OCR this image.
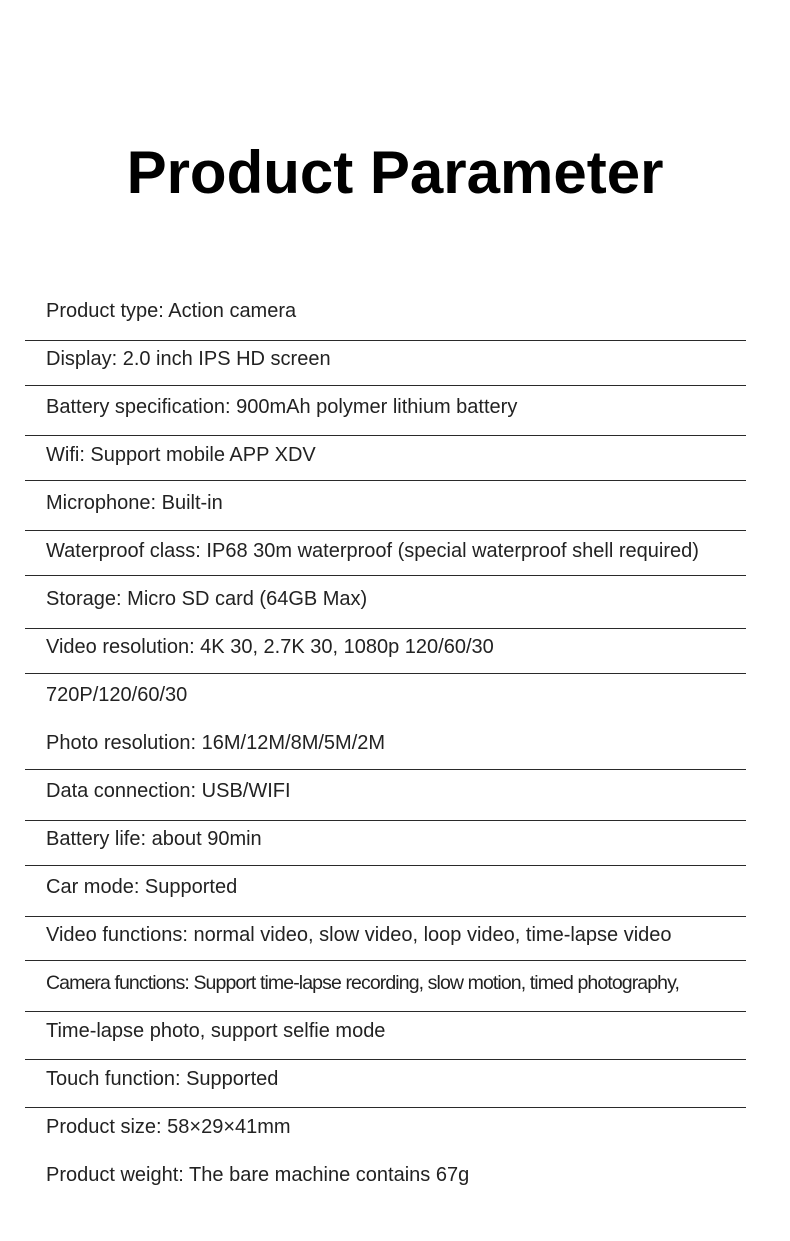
Product Parameter
Product type: Action camera
Display: 2.0 inch IPS HD screen
Battery specification: 900mAh polymer lithium battery
Wifi: Support mobile APP XDV
Microphone: Built-in
Waterproof class: IP68 30m waterproof (special waterproof shell required)
Storage: Micro SD card (64GB Max)
Video resolution: 4K 30, 2.7K 30, 1080p 120/60/30
720P/120/60/30
Photo resolution: 16M/12M/8M/5M/2M
Data connection: USB/WIFI
Battery life: about 90min
Car mode: Supported
Video functions: normal video, slow video, loop video, time-lapse video
Camera functions: Support time-lapse recording, slow motion, timed photography,
Time-lapse photo, support selfie mode
Touch function: Supported
Product size: 58×29×41mm
Product weight: The bare machine contains 67g
